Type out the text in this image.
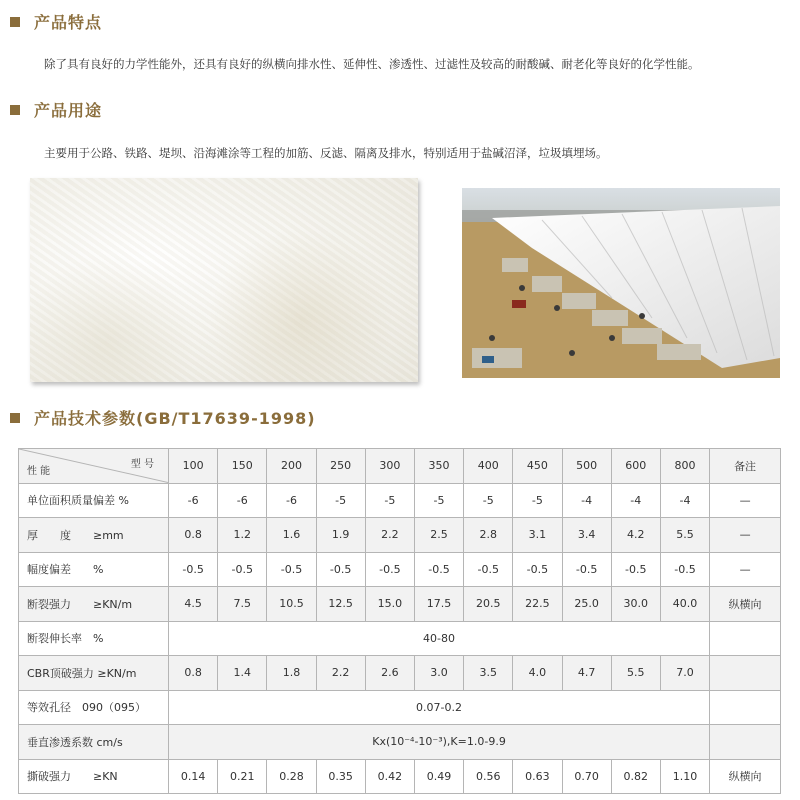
产品特点
除了具有良好的力学性能外，还具有良好的纵横向排水性、延伸性、渗透性、过滤性及较高的耐酸碱、耐老化等良好的化学性能。
产品用途
主要用于公路、铁路、堤坝、沿海滩涂等工程的加筋、反滤、隔离及排水，特别适用于盐碱沼泽，垃圾填埋场。
产品技术参数(GB/T17639-1998)
型 号
性 能	100	150	200	250	300	350	400	450	500	600	800	备注
单位面积质量偏差 %	-6	-6	-6	-5	-5	-5	-5	-5	-4	-4	-4	—
厚　　度　　≥mm	0.8	1.2	1.6	1.9	2.2	2.5	2.8	3.1	3.4	4.2	5.5	—
幅度偏差　　%	-0.5	-0.5	-0.5	-0.5	-0.5	-0.5	-0.5	-0.5	-0.5	-0.5	-0.5	—
断裂强力　　≥KN/m	4.5	7.5	10.5	12.5	15.0	17.5	20.5	22.5	25.0	30.0	40.0	纵横向
断裂伸长率　%	40-80											
CBR顶破强力 ≥KN/m	0.8	1.4	1.8	2.2	2.6	3.0	3.5	4.0	4.7	5.5	7.0	
等效孔径　090（095）	0.07-0.2											
垂直渗透系数 cm/s	Kx(10⁻⁴-10⁻³),K=1.0-9.9											
撕破强力　　≥KN	0.14	0.21	0.28	0.35	0.42	0.49	0.56	0.63	0.70	0.82	1.10	纵横向
